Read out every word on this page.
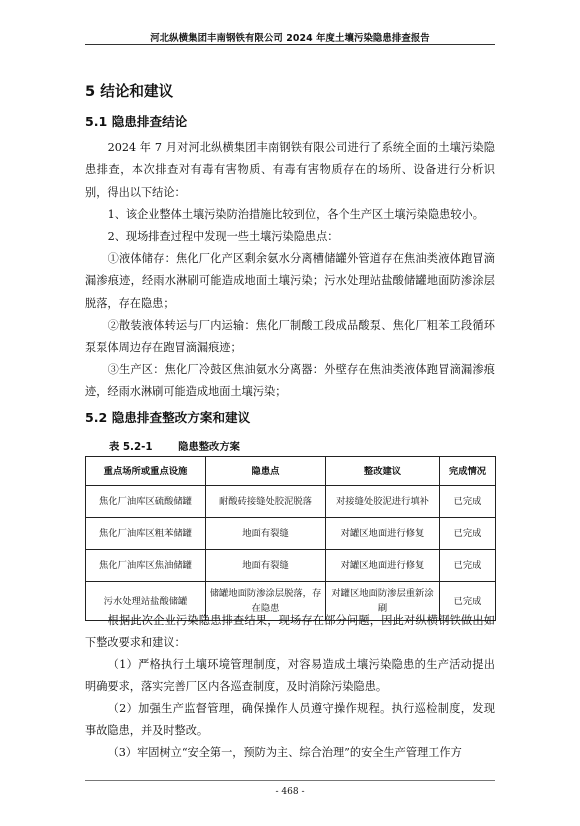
河北纵横集团丰南钢铁有限公司 2024 年度土壤污染隐患排查报告
5 结论和建议
5.1 隐患排查结论

2024 年 7 月对河北纵横集团丰南钢铁有限公司进行了系统全面的土壤污染隐患排查，本次排查对有毒有害物质、有毒有害物质存在的场所、设备进行分析识别，得出以下结论：

1、该企业整体土壤污染防治措施比较到位，各个生产区土壤污染隐患较小。

2、现场排查过程中发现一些土壤污染隐患点：

①液体储存：焦化厂化产区剩余氨水分离槽储罐外管道存在焦油类液体跑冒滴漏渗痕迹，经雨水淋刷可能造成地面土壤污染；污水处理站盐酸储罐地面防渗涂层脱落，存在隐患；

②散装液体转运与厂内运输：焦化厂制酸工段成品酸泵、焦化厂粗苯工段循环泵泵体周边存在跑冒滴漏痕迹；

③生产区：焦化厂冷鼓区焦油氨水分离器：外壁存在焦油类液体跑冒滴漏渗痕迹，经雨水淋刷可能造成地面土壤污染；

5.2 隐患排查整改方案和建议
表 5.2-1 隐患整改方案
重点场所或重点设施	隐患点	整改建议	完成情况
焦化厂油库区硫酸储罐	耐酸砖接缝处胶泥脱落	对接缝处胶泥进行填补	已完成
焦化厂油库区粗苯储罐	地面有裂缝	对罐区地面进行修复	已完成
焦化厂油库区焦油储罐	地面有裂缝	对罐区地面进行修复	已完成
污水处理站盐酸储罐	储罐地面防渗涂层脱落，存在隐患	对罐区地面防渗层重新涂刷	已完成

根据此次企业污染隐患排查结果，现场存在部分问题，因此对纵横钢铁做出如下整改要求和建议：

（1）严格执行土壤环境管理制度，对容易造成土壤污染隐患的生产活动提出明确要求，落实完善厂区内各巡查制度，及时消除污染隐患。

（2）加强生产监督管理，确保操作人员遵守操作规程。执行巡检制度，发现事故隐患，并及时整改。

（3）牢固树立“安全第一，预防为主、综合治理”的安全生产管理工作方

- 468 -
